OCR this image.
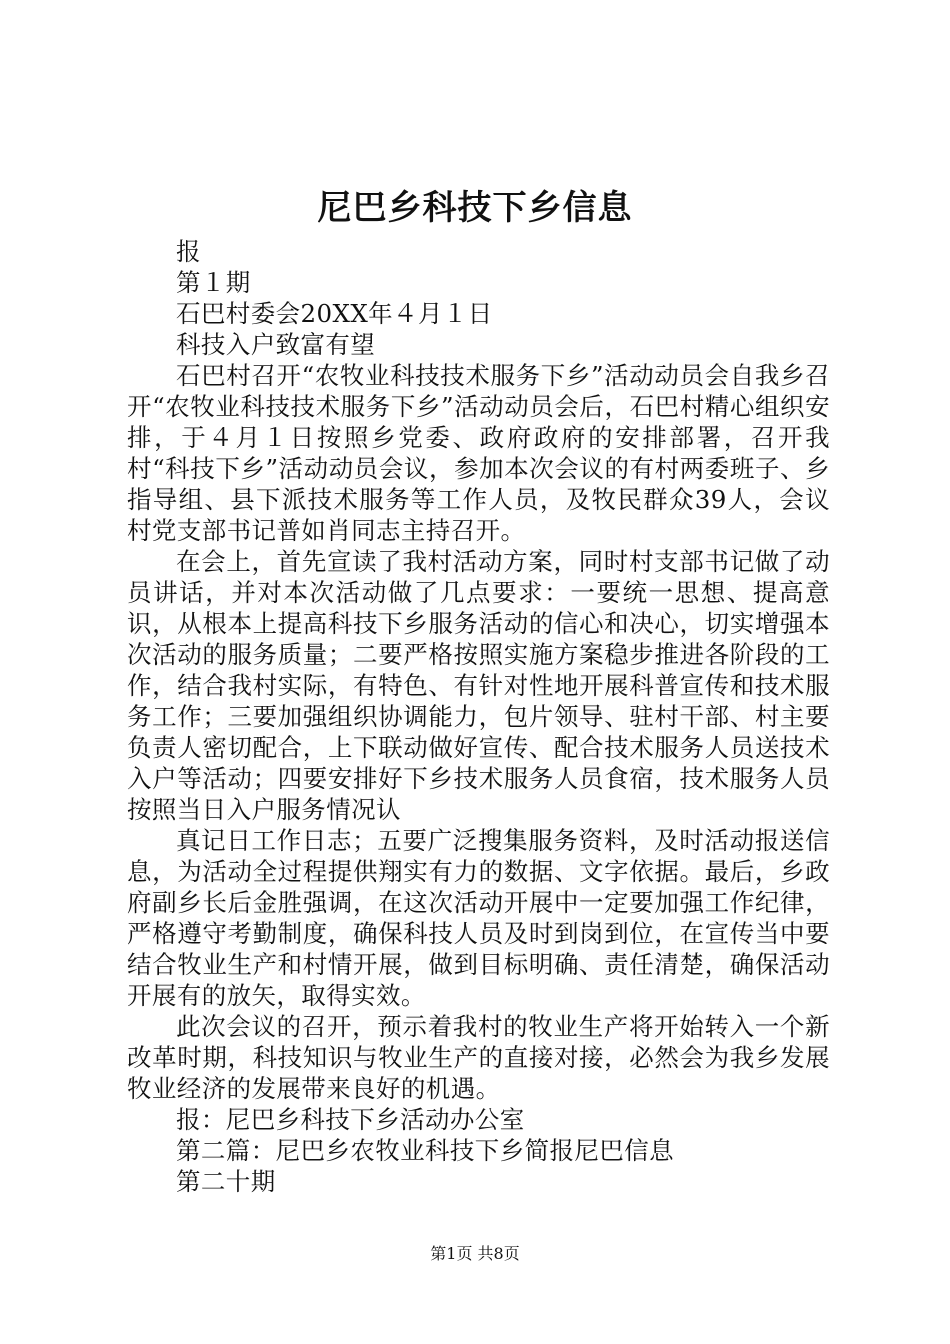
尼巴乡科技下乡信息

报

第１期

石巴村委会20XX年４月１日

科技入户致富有望

石巴村召开“农牧业科技技术服务下乡”活动动员会自我乡召开“农牧业科技技术服务下乡”活动动员会后，石巴村精心组织安排，于４月１日按照乡党委、政府政府的安排部署，召开我村“科技下乡”活动动员会议，参加本次会议的有村两委班子、乡指导组、县下派技术服务等工作人员，及牧民群众39人，会议村党支部书记普如肖同志主持召开。

在会上，首先宣读了我村活动方案，同时村支部书记做了动员讲话，并对本次活动做了几点要求：一要统一思想、提高意识，从根本上提高科技下乡服务活动的信心和决心，切实增强本次活动的服务质量；二要严格按照实施方案稳步推进各阶段的工作，结合我村实际，有特色、有针对性地开展科普宣传和技术服务工作；三要加强组织协调能力，包片领导、驻村干部、村主要负责人密切配合，上下联动做好宣传、配合技术服务人员送技术入户等活动；四要安排好下乡技术服务人员食宿，技术服务人员按照当日入户服务情况认

真记日工作日志；五要广泛搜集服务资料，及时活动报送信息，为活动全过程提供翔实有力的数据、文字依据。最后，乡政府副乡长后金胜强调，在这次活动开展中一定要加强工作纪律，严格遵守考勤制度，确保科技人员及时到岗到位，在宣传当中要结合牧业生产和村情开展，做到目标明确、责任清楚，确保活动开展有的放矢，取得实效。

此次会议的召开，预示着我村的牧业生产将开始转入一个新改革时期，科技知识与牧业生产的直接对接，必然会为我乡发展牧业经济的发展带来良好的机遇。

报：尼巴乡科技下乡活动办公室

第二篇：尼巴乡农牧业科技下乡简报尼巴信息

第二十期

第1页 共8页
